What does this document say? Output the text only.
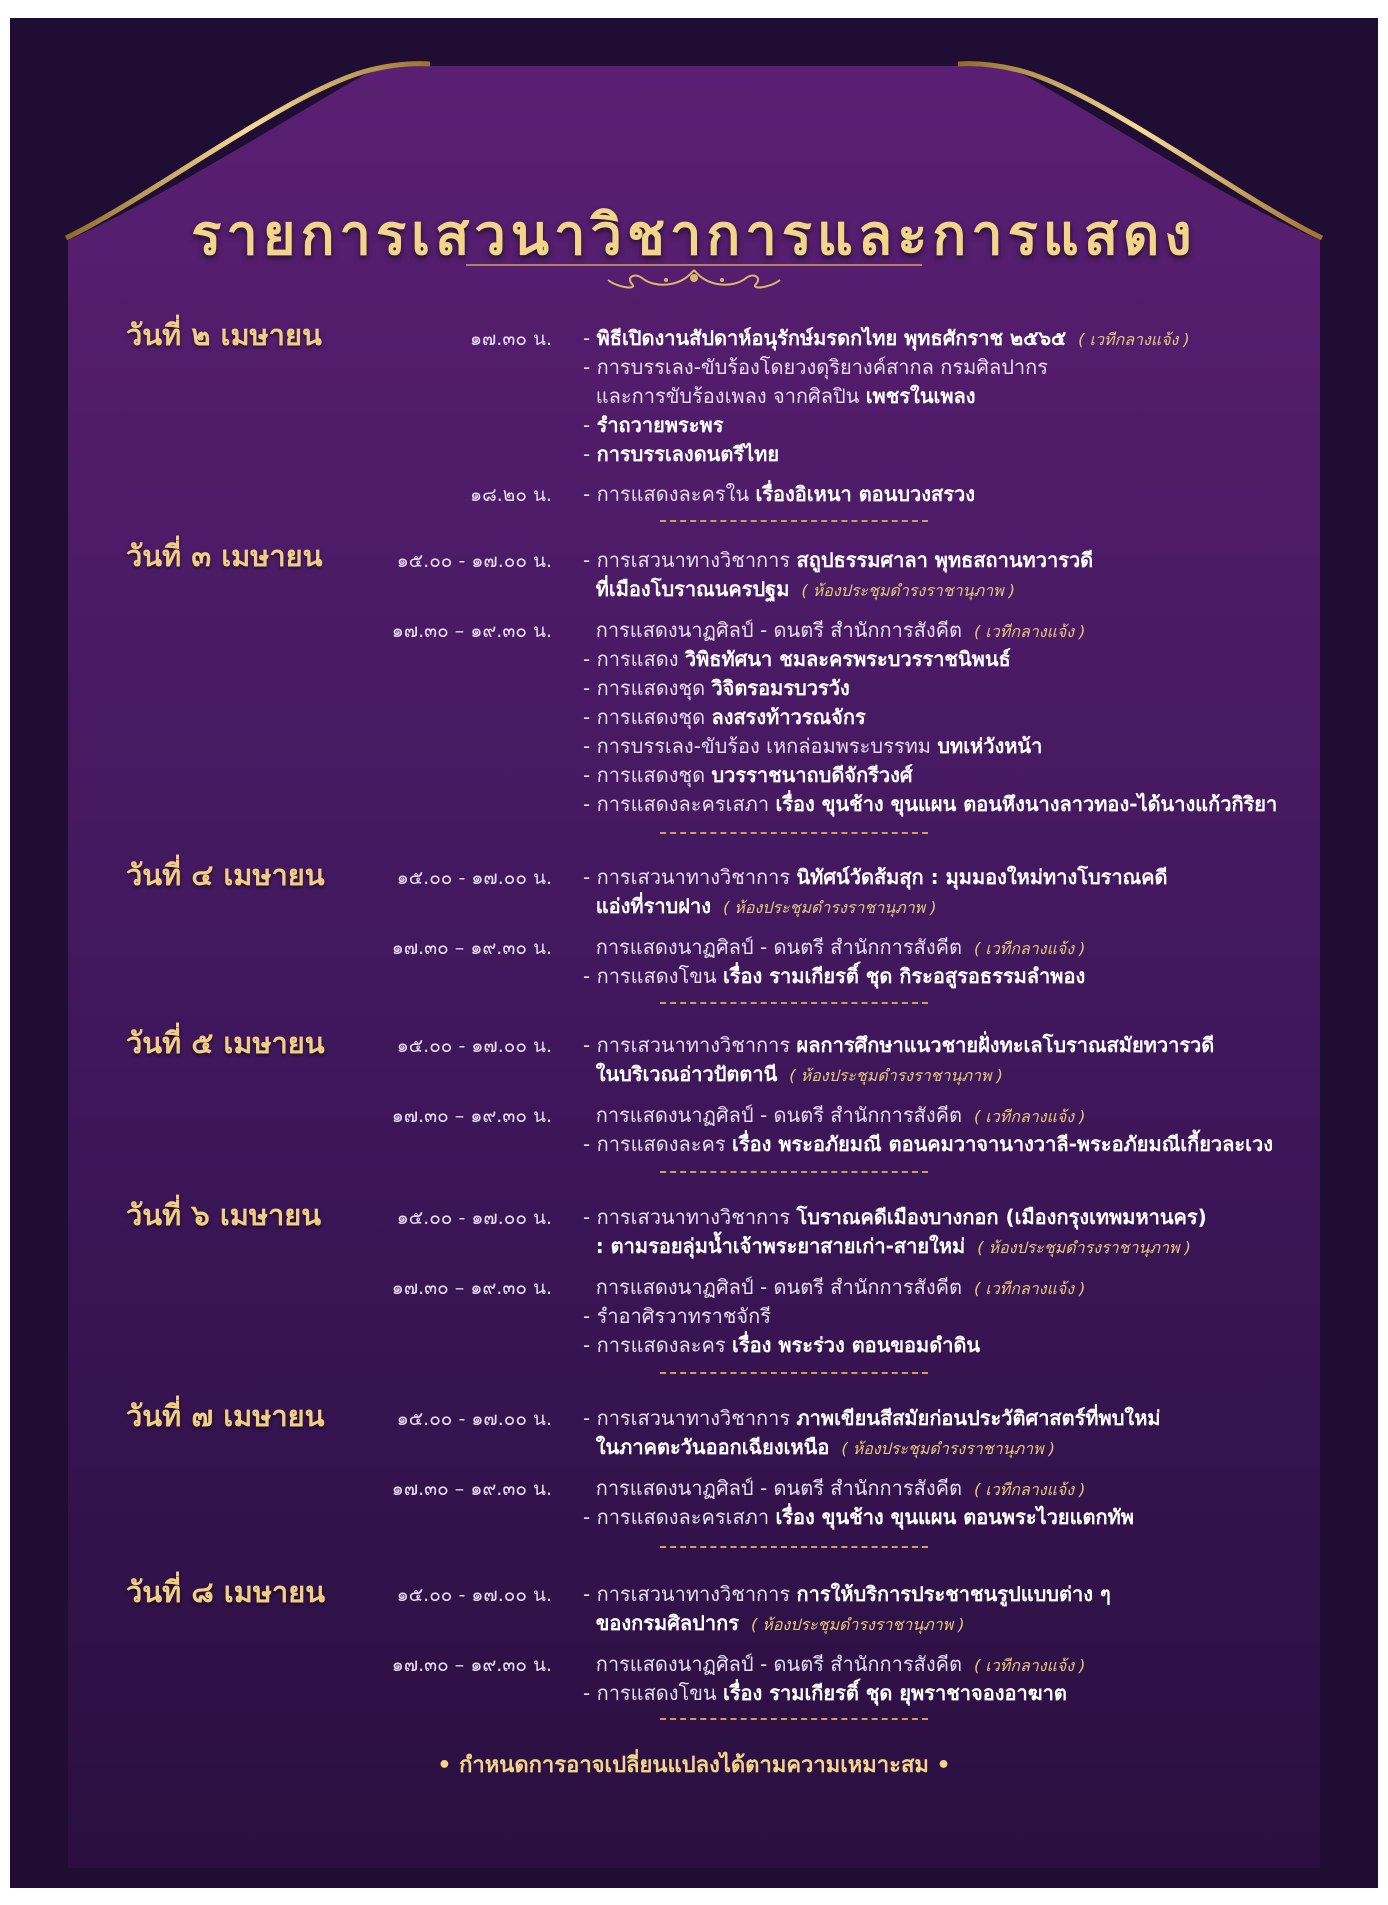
รายการเสวนาวิชาการและการแสดง
วันที่ ๒ เมษายน	๑๗.๓๐ น. - พิธีเปิดงานสัปดาห์อนุรักษ์มรดกไทย พุทธศักราช ๒๕๖๕ ( เวทีกลางแจ้ง )
- การบรรเลง-ขับร้องโดยวงดุริยางค์สากล กรมศิลปากร
และการขับร้องเพลง จากศิลปิน เพชรในเพลง
- รำถวายพระพร
- การบรรเลงดนตรีไทย
๑๘.๒๐ น. - การแสดงละครใน เรื่องอิเหนา ตอนบวงสรวง
วันที่ ๓ เมษายน	๑๕.๐๐ - ๑๗.๐๐ น. - การเสวนาทางวิชาการ สถูปธรรมศาลา พุทธสถานทวารวดี
ที่เมืองโบราณนครปฐม ( ห้องประชุมดำรงราชานุภาพ )
๑๗.๓๐ – ๑๙.๓๐ น.	การแสดงนาฏศิลป์ - ดนตรี สำนักการสังคีต ( เวทีกลางแจ้ง )
- การแสดง วิพิธทัศนา ชมละครพระบวรราชนิพนธ์
- การแสดงชุด วิจิตรอมรบวรวัง
- การแสดงชุด ลงสรงท้าวรณจักร
- การบรรเลง-ขับร้อง เหกล่อมพระบรรทม บทเห่วังหน้า
- การแสดงชุด บวรราชนาถบดีจักรีวงศ์
- การแสดงละครเสภา เรื่อง ขุนช้าง ขุนแผน ตอนหึงนางลาวทอง-ได้นางแก้วกิริยา
วันที่ ๔ เมษายน	๑๕.๐๐ - ๑๗.๐๐ น. - การเสวนาทางวิชาการ นิทัศน์วัดส้มสุก : มุมมองใหม่ทางโบราณคดี
แอ่งที่ราบฝาง ( ห้องประชุมดำรงราชานุภาพ )
๑๗.๓๐ – ๑๙.๓๐ น.	การแสดงนาฏศิลป์ - ดนตรี สำนักการสังคีต ( เวทีกลางแจ้ง )
- การแสดงโขน เรื่อง รามเกียรติ์ ชุด กิระอสูรอธรรมลำพอง
วันที่ ๕ เมษายน	๑๕.๐๐ - ๑๗.๐๐ น. - การเสวนาทางวิชาการ ผลการศึกษาแนวชายฝั่งทะเลโบราณสมัยทวารวดี
ในบริเวณอ่าวปัตตานี ( ห้องประชุมดำรงราชานุภาพ )
๑๗.๓๐ – ๑๙.๓๐ น.	การแสดงนาฏศิลป์ - ดนตรี สำนักการสังคีต ( เวทีกลางแจ้ง )
- การแสดงละคร เรื่อง พระอภัยมณี ตอนคมวาจานางวาลี-พระอภัยมณีเกี้ยวละเวง
วันที่ ๖ เมษายน	๑๕.๐๐ - ๑๗.๐๐ น. - การเสวนาทางวิชาการ โบราณคดีเมืองบางกอก (เมืองกรุงเทพมหานคร)
: ตามรอยลุ่มน้ำเจ้าพระยาสายเก่า-สายใหม่ ( ห้องประชุมดำรงราชานุภาพ )
๑๗.๓๐ – ๑๙.๓๐ น.	การแสดงนาฏศิลป์ - ดนตรี สำนักการสังคีต ( เวทีกลางแจ้ง )
- รำอาศิรวาทราชจักรี
- การแสดงละคร เรื่อง พระร่วง ตอนขอมดำดิน
วันที่ ๗ เมษายน	๑๕.๐๐ - ๑๗.๐๐ น. - การเสวนาทางวิชาการ ภาพเขียนสีสมัยก่อนประวัติศาสตร์ที่พบใหม่
ในภาคตะวันออกเฉียงเหนือ ( ห้องประชุมดำรงราชานุภาพ )
๑๗.๓๐ – ๑๙.๓๐ น.	การแสดงนาฏศิลป์ - ดนตรี สำนักการสังคีต ( เวทีกลางแจ้ง )
- การแสดงละครเสภา เรื่อง ขุนช้าง ขุนแผน ตอนพระไวยแตกทัพ
วันที่ ๘ เมษายน	๑๕.๐๐ - ๑๗.๐๐ น. - การเสวนาทางวิชาการ การให้บริการประชาชนรูปแบบต่าง ๆ
ของกรมศิลปากร ( ห้องประชุมดำรงราชานุภาพ )
๑๗.๓๐ – ๑๙.๓๐ น.	การแสดงนาฏศิลป์ - ดนตรี สำนักการสังคีต ( เวทีกลางแจ้ง )
- การแสดงโขน เรื่อง รามเกียรติ์ ชุด ยุพราชาจองอาฆาต
• กำหนดการอาจเปลี่ยนแปลงได้ตามความเหมาะสม •
